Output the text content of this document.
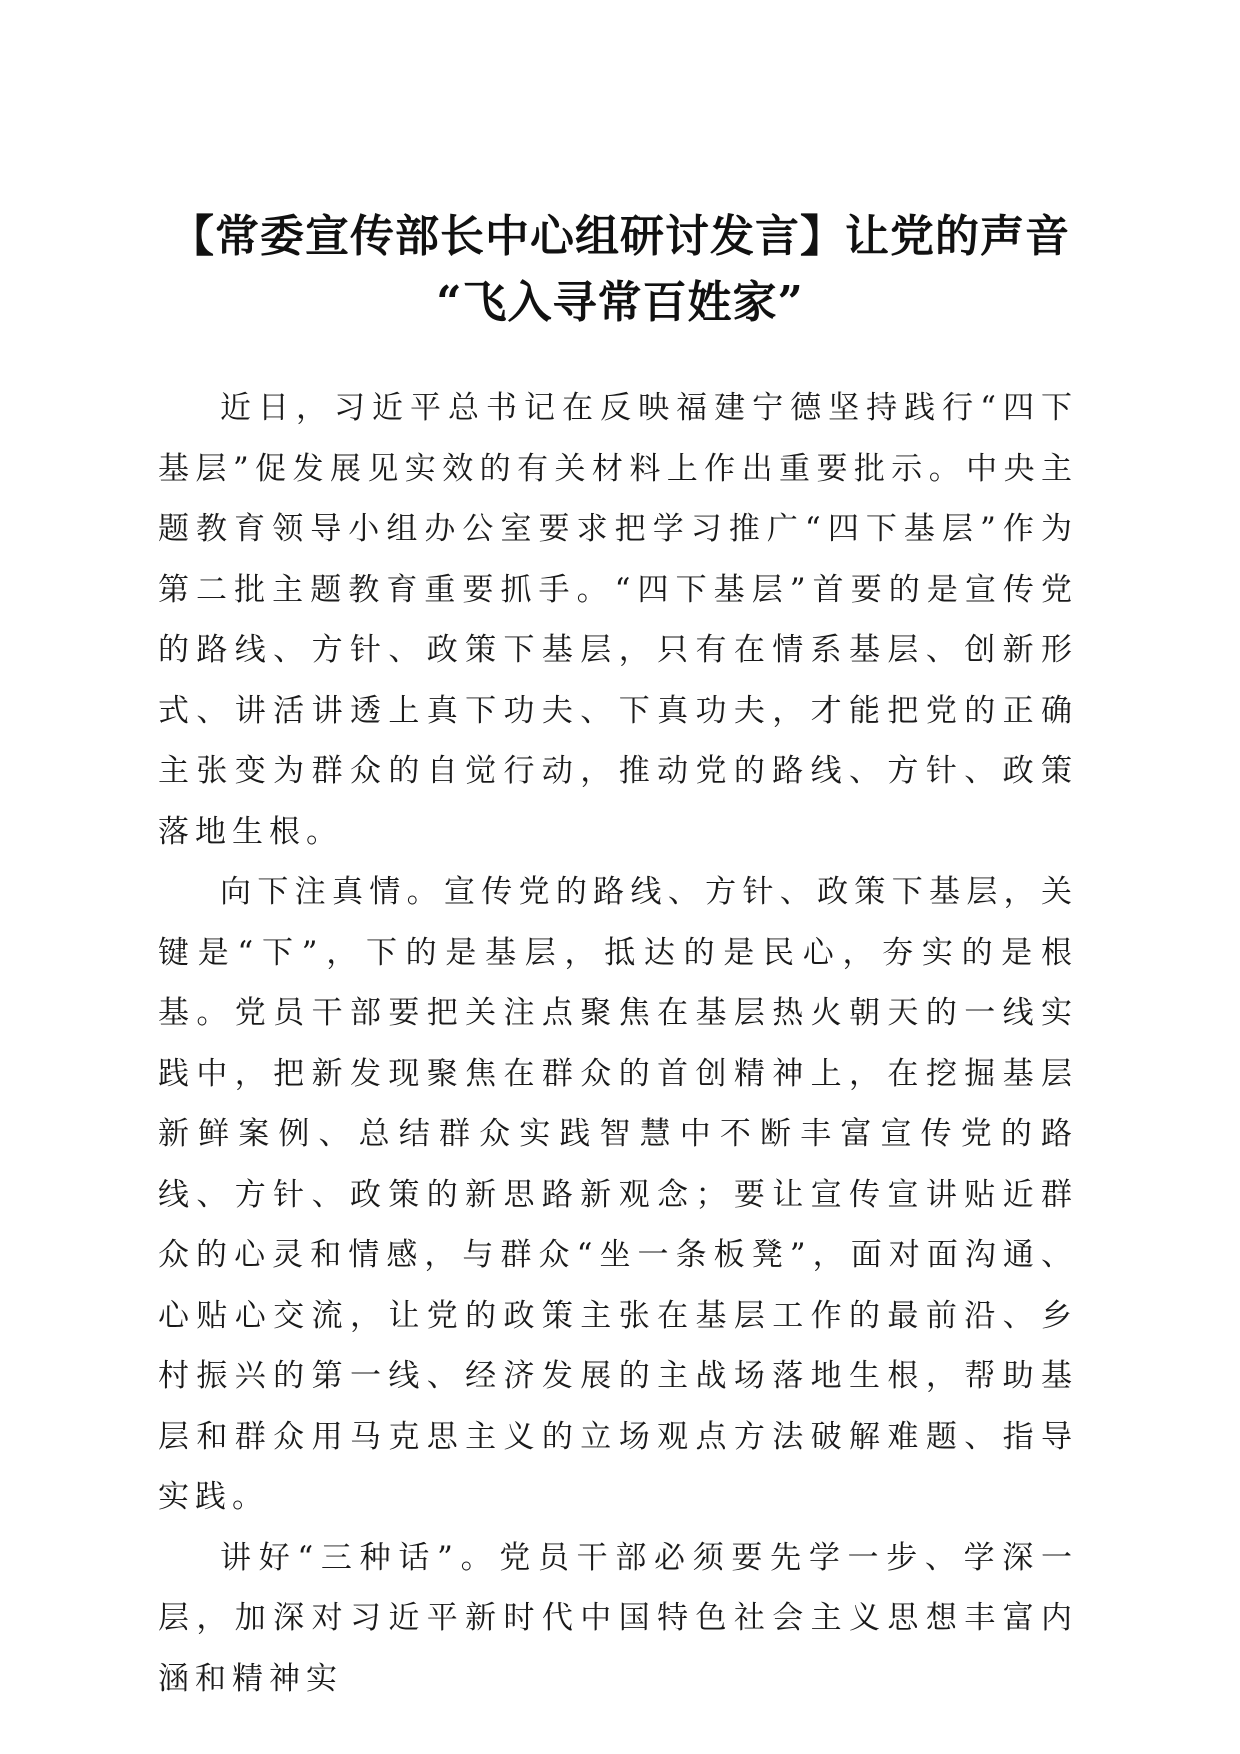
【常委宣传部长中心组研讨发言】让党的声音
“飞入寻常百姓家”

近日，习近平总书记在反映福建宁德坚持践行“四下基层”促发展见实效的有关材料上作出重要批示。中央主题教育领导小组办公室要求把学习推广“四下基层”作为第二批主题教育重要抓手。“四下基层”首要的是宣传党的路线、方针、政策下基层，只有在情系基层、创新形式、讲活讲透上真下功夫、下真功夫，才能把党的正确主张变为群众的自觉行动，推动党的路线、方针、政策落地生根。

向下注真情。宣传党的路线、方针、政策下基层，关键是“下”，下的是基层，抵达的是民心，夯实的是根基。党员干部要把关注点聚焦在基层热火朝天的一线实践中，把新发现聚焦在群众的首创精神上，在挖掘基层新鲜案例、总结群众实践智慧中不断丰富宣传党的路线、方针、政策的新思路新观念；要让宣传宣讲贴近群众的心灵和情感，与群众“坐一条板凳”，面对面沟通、心贴心交流，让党的政策主张在基层工作的最前沿、乡村振兴的第一线、经济发展的主战场落地生根，帮助基层和群众用马克思主义的立场观点方法破解难题、指导实践。

讲好“三种话”。党员干部必须要先学一步、学深一层，加深对习近平新时代中国特色社会主义思想丰富内涵和精神实
